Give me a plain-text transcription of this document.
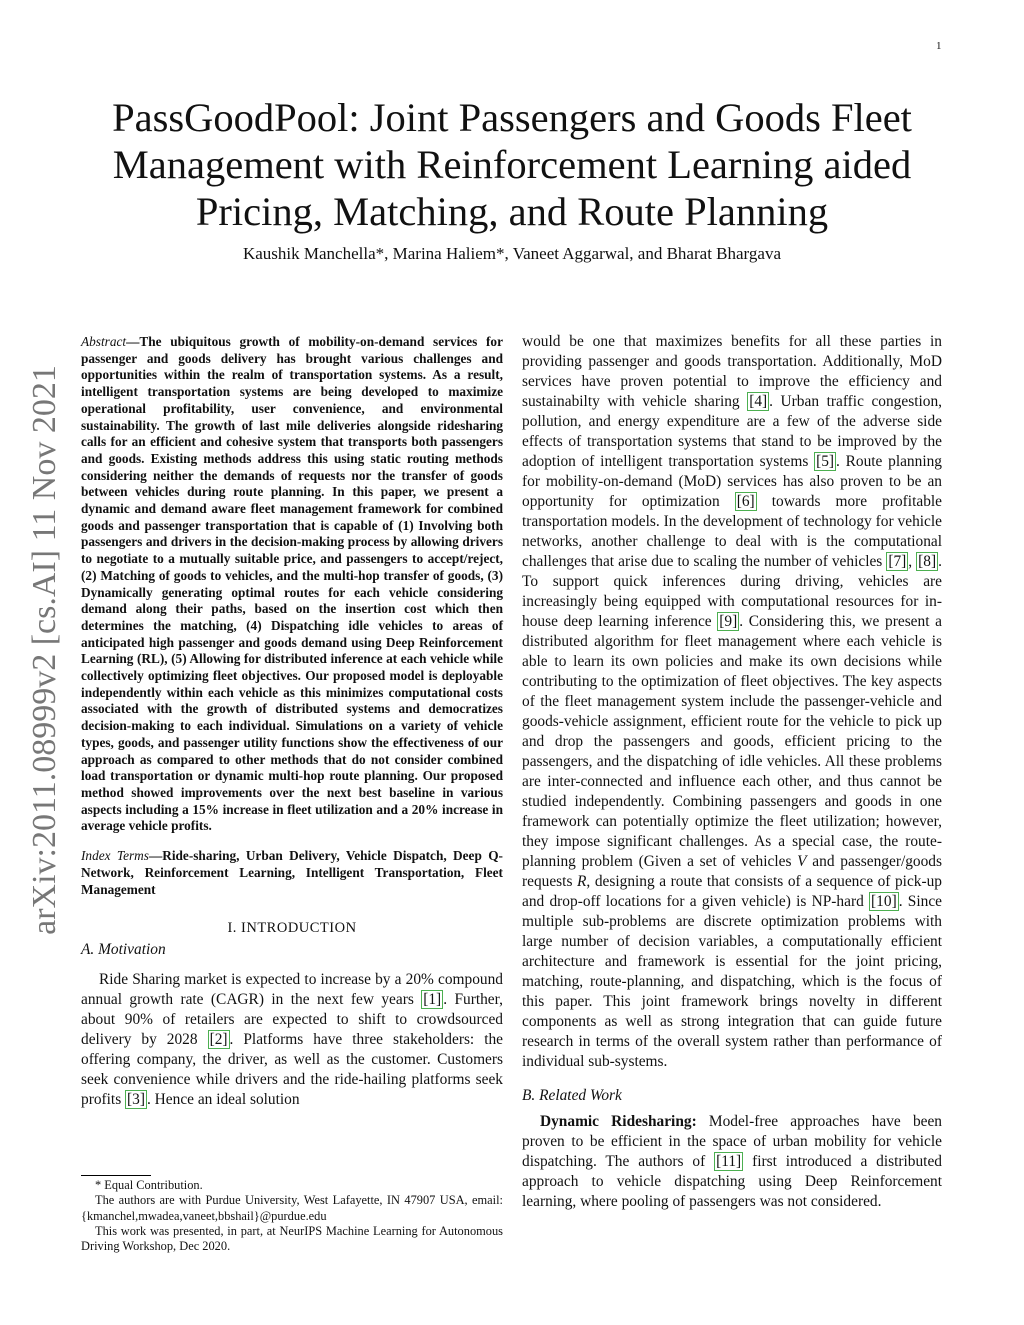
1
arXiv:2011.08999v2 [cs.AI] 11 Nov 2021
PassGoodPool: Joint Passengers and Goods Fleet Management with Reinforcement Learning aided Pricing, Matching, and Route Planning
Kaushik Manchella*, Marina Haliem*, Vaneet Aggarwal, and Bharat Bhargava
Abstract—The ubiquitous growth of mobility-on-demand services for passenger and goods delivery has brought various challenges and opportunities within the realm of transportation systems. As a result, intelligent transportation systems are being developed to maximize operational profitability, user convenience, and environmental sustainability. The growth of last mile deliveries alongside ridesharing calls for an efficient and cohesive system that transports both passengers and goods. Existing methods address this using static routing methods considering neither the demands of requests nor the transfer of goods between vehicles during route planning. In this paper, we present a dynamic and demand aware fleet management framework for combined goods and passenger transportation that is capable of (1) Involving both passengers and drivers in the decision-making process by allowing drivers to negotiate to a mutually suitable price, and passengers to accept/reject, (2) Matching of goods to vehicles, and the multi-hop transfer of goods, (3) Dynamically generating optimal routes for each vehicle considering demand along their paths, based on the insertion cost which then determines the matching, (4) Dispatching idle vehicles to areas of anticipated high passenger and goods demand using Deep Reinforcement Learning (RL), (5) Allowing for distributed inference at each vehicle while collectively optimizing fleet objectives. Our proposed model is deployable independently within each vehicle as this minimizes computational costs associated with the growth of distributed systems and democratizes decision-making to each individual. Simulations on a variety of vehicle types, goods, and passenger utility functions show the effectiveness of our approach as compared to other methods that do not consider combined load transportation or dynamic multi-hop route planning. Our proposed method showed improvements over the next best baseline in various aspects including a 15% increase in fleet utilization and a 20% increase in average vehicle profits.
Index Terms—Ride-sharing, Urban Delivery, Vehicle Dispatch, Deep Q-Network, Reinforcement Learning, Intelligent Transportation, Fleet Management
I. INTRODUCTION
A. Motivation

Ride Sharing market is expected to increase by a 20% compound annual growth rate (CAGR) in the next few years [1] . Further, about 90% of retailers are expected to shift to crowdsourced delivery by 2028 [2] . Platforms have three stakeholders: the offering company, the driver, as well as the customer. Customers seek convenience while drivers and the ride-hailing platforms seek profits [3] . Hence an ideal solution

* Equal Contribution.

The authors are with Purdue University, West Lafayette, IN 47907 USA, email: {kmanchel,mwadea,vaneet,bbshail}@purdue.edu

This work was presented, in part, at NeurIPS Machine Learning for Autonomous Driving Workshop, Dec 2020.

would be one that maximizes benefits for all these parties in providing passenger and goods transportation. Additionally, MoD services have proven potential to improve the efficiency and sustainabilty with vehicle sharing [4] . Urban traffic congestion, pollution, and energy expenditure are a few of the adverse side effects of transportation systems that stand to be improved by the adoption of intelligent transportation systems [5] . Route planning for mobility-on-demand (MoD) services has also proven to be an opportunity for optimization [6] towards more profitable transportation models. In the development of technology for vehicle networks, another challenge to deal with is the computational challenges that arise due to scaling the number of vehicles [7] , [8] . To support quick inferences during driving, vehicles are increasingly being equipped with computational resources for in-house deep learning inference [9] . Considering this, we present a distributed algorithm for fleet management where each vehicle is able to learn its own policies and make its own decisions while contributing to the optimization of fleet objectives. The key aspects of the fleet management system include the passenger-vehicle and goods-vehicle assignment, efficient route for the vehicle to pick up and drop the passengers and goods, efficient pricing to the passengers, and the dispatching of idle vehicles. All these problems are inter-connected and influence each other, and thus cannot be studied independently. Combining passengers and goods in one framework can potentially optimize the fleet utilization; however, they impose significant challenges. As a special case, the route-planning problem (Given a set of vehicles V and passenger/goods requests R, designing a route that consists of a sequence of pick-up and drop-off locations for a given vehicle) is NP-hard [10] . Since multiple sub-problems are discrete optimization problems with large number of decision variables, a computationally efficient architecture and framework is essential for the joint pricing, matching, route-planning, and dispatching, which is the focus of this paper. This joint framework brings novelty in different components as well as strong integration that can guide future research in terms of the overall system rather than performance of individual sub-systems.

B. Related Work

Dynamic Ridesharing: Model-free approaches have been proven to be efficient in the space of urban mobility for vehicle dispatching. The authors of [11] first introduced a distributed approach to vehicle dispatching using Deep Reinforcement learning, where pooling of passengers was not considered.
